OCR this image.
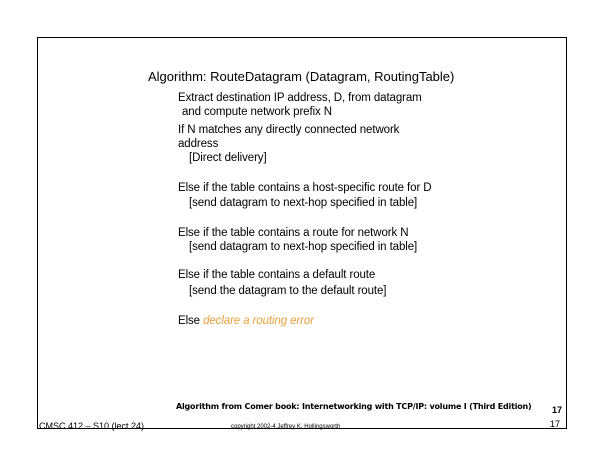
Algorithm: RouteDatagram (Datagram, RoutingTable)
Extract destination IP address, D, from datagram
and compute network prefix N
If N matches any directly connected network
address
[Direct delivery]
Else if the table contains a host-specific route for D
[send datagram to next-hop specified in table]
Else if the table contains a route for network N
[send datagram to next-hop specified in table]
Else if the table contains a default route
[send the datagram to the default route]
Else declare a routing error
Algorithm from Comer book: Internetworking with TCP/IP: volume I (Third Edition)
CMSC 412 – S10 (lect 24)	copyright 2002-4 Jeffrey K. Hollingsworth
17
17
